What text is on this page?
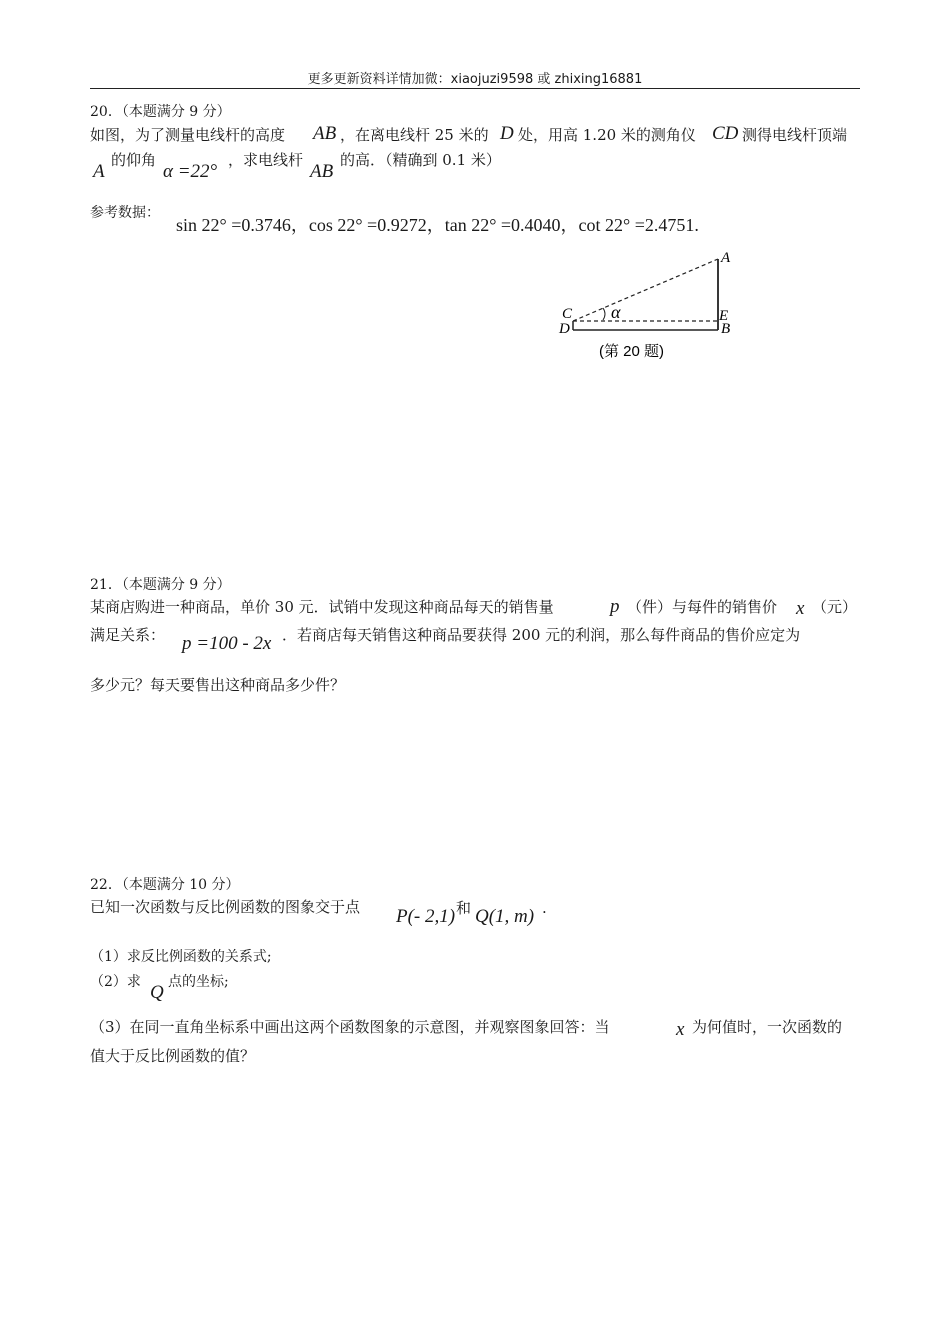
更多更新资料详情加微：xiaojuzi9598 或 zhixing16881
20．（本题满分 9 分）
如图，为了测量电线杆的高度 AB ，在离电线杆 25 米的 D 处，用高 1.20 米的测角仪 CD 测得电线杆顶端
A
的仰角
α =22°
，求电线杆
AB
的高．（精确到 0.1 米）
参考数据：
sin 22° =0.3746，cos 22° =0.9272，tan 22° =0.4040，cot 22° =2.4751.
A
C
D
E
B
α
(第 20 题)
21．（本题满分 9 分）
某商店购进一种商品，单价 30 元．试销中发现这种商品每天的销售量	p （件）与每件的销售价 x （元）
满足关系： p =100 - 2x ．若商店每天销售这种商品要获得 200 元的利润，那么每件商品的售价应定为
多少元？每天要售出这种商品多少件？
22．（本题满分 10 分）
已知一次函数与反比例函数的图象交于点 P(- 2,1) 和 Q(1, m) .
（1）求反比例函数的关系式;
（2）求 Q 点的坐标;
（3）在同一直角坐标系中画出这两个函数图象的示意图，并观察图象回答：当	x 为何值时，一次函数的
值大于反比例函数的值？
